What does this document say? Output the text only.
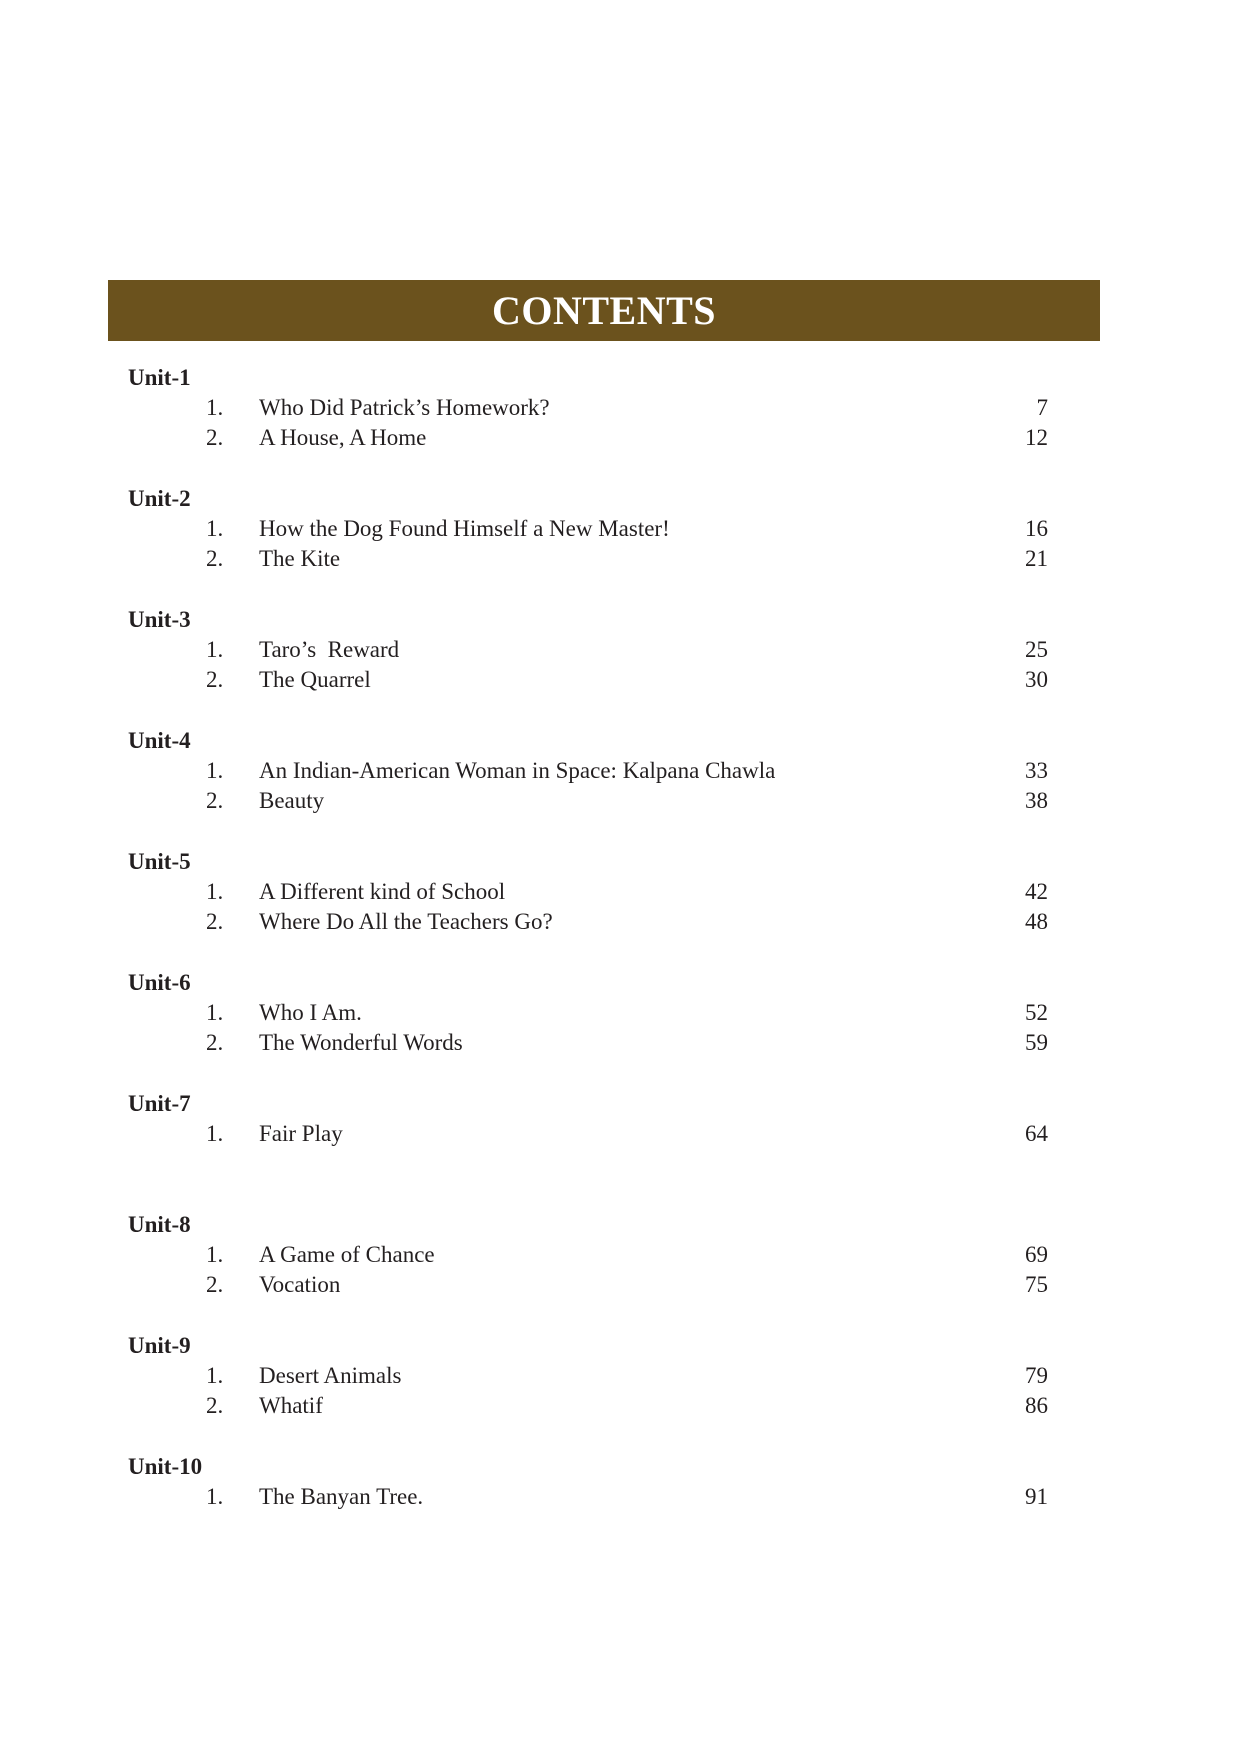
CONTENTS
Unit-1
1. Who Did Patrick’s Homework?	7
2. A House, A Home	12
Unit-2
1. How the Dog Found Himself a New Master!	16
2. The Kite	21
Unit-3
1. Taro’s  Reward	25
2. The Quarrel	30
Unit-4
1. An Indian-American Woman in Space: Kalpana Chawla	33
2. Beauty	38
Unit-5
1. A Different kind of School	42
2. Where Do All the Teachers Go?	48
Unit-6
1. Who I Am.	52
2. The Wonderful Words	59
Unit-7
1. Fair Play	64
Unit-8
1. A Game of Chance	69
2. Vocation	75
Unit-9
1. Desert Animals	79
2. Whatif	86
Unit-10
1. The Banyan Tree.	91
